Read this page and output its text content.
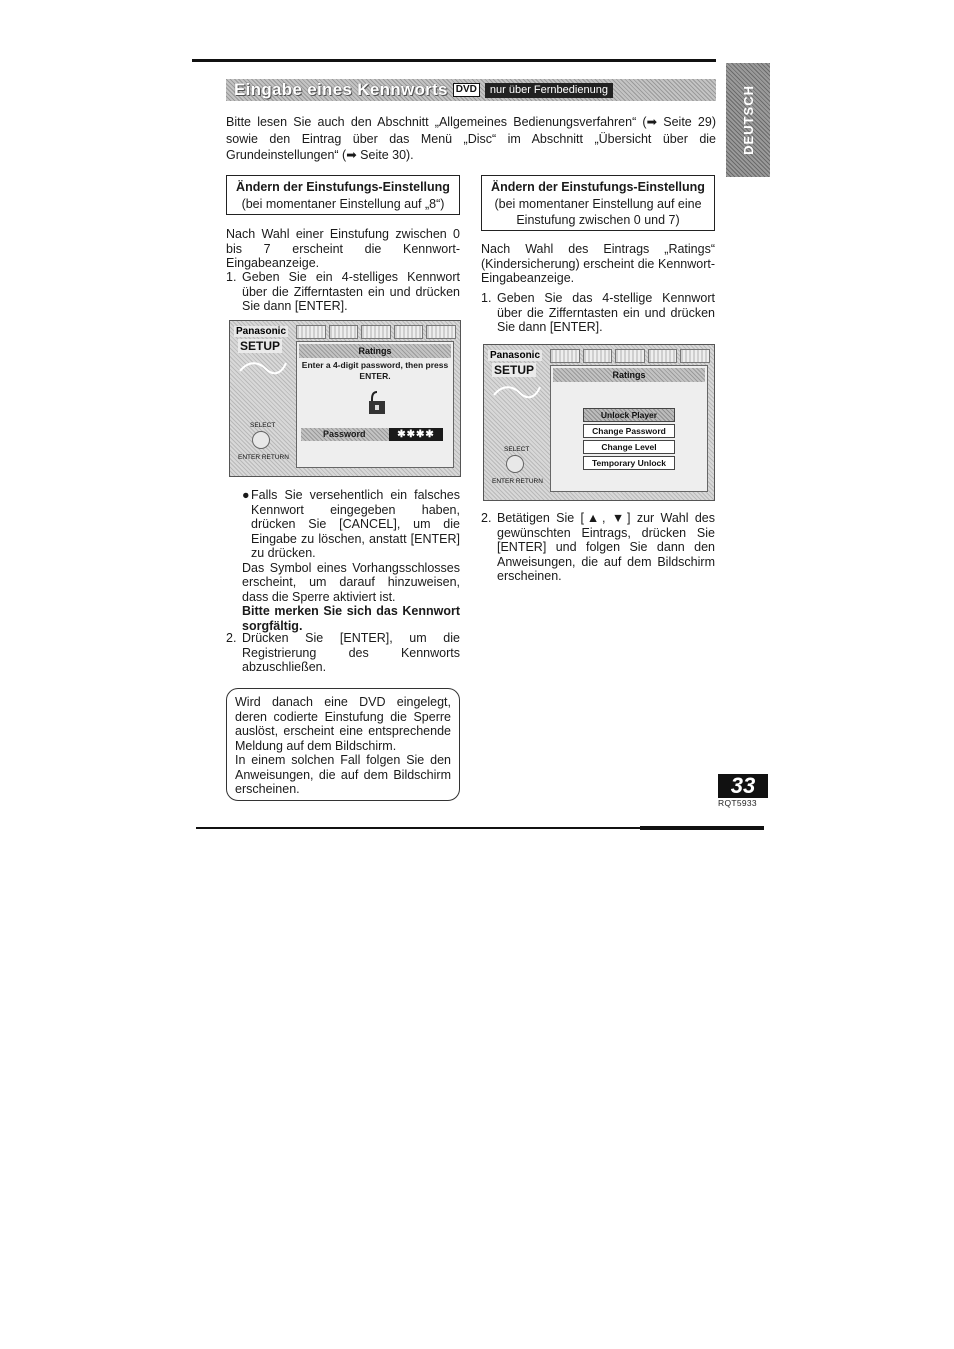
Eingabe eines Kennworts DVD	nur über Fernbedienung	DEUTSCH
Bitte lesen Sie auch den Abschnitt „Allgemeines Bedienungsverfahren“ (➡ Seite 29) sowie den Eintrag über das Menü „Disc“ im Abschnitt „Übersicht über die Grundeinstellungen“ (➡ Seite 30).
Ändern der Einstufungs-Einstellung
(bei momentaner Einstellung auf „8“)
Nach Wahl einer Einstufung zwischen 0 bis 7 erscheint die Kennwort-Eingabeanzeige.
1. Geben Sie ein 4-stelliges Kennwort über die Zifferntasten ein und drücken Sie dann [ENTER].
Panasonic
SETUP	Ratings
Enter a 4-digit password, then press ENTER.
Password	✱✱✱✱
SELECT
ENTER RETURN
● Falls Sie versehentlich ein falsches Kennwort eingegeben haben, drücken Sie [CANCEL], um die Eingabe zu löschen, anstatt [ENTER] zu drücken.
Das Symbol eines Vorhangsschlosses erscheint, um darauf hinzuweisen, dass die Sperre aktiviert ist.
Bitte merken Sie sich das Kennwort sorgfältig.
2. Drücken Sie [ENTER], um die Registrierung des Kennworts abzuschließen.
Wird danach eine DVD eingelegt, deren codierte Einstufung die Sperre auslöst, erscheint eine entsprechende Meldung auf dem Bildschirm.
In einem solchen Fall folgen Sie den Anweisungen, die auf dem Bildschirm erscheinen.
Ändern der Einstufungs-Einstellung
(bei momentaner Einstellung auf eine Einstufung zwischen 0 und 7)
Nach Wahl des Eintrags „Ratings“ (Kindersicherung) erscheint die Kennwort-Eingabeanzeige.
1. Geben Sie das 4-stellige Kennwort über die Zifferntasten ein und drücken Sie dann [ENTER].
Panasonic
SETUP	Ratings
Unlock Player
Change Password
Change Level
Temporary Unlock
SELECT
ENTER RETURN
2. Betätigen Sie [▲, ▼] zur Wahl des gewünschten Eintrags, drücken Sie [ENTER] und folgen Sie dann den Anweisungen, die auf dem Bildschirm erscheinen.
33
RQT5933
